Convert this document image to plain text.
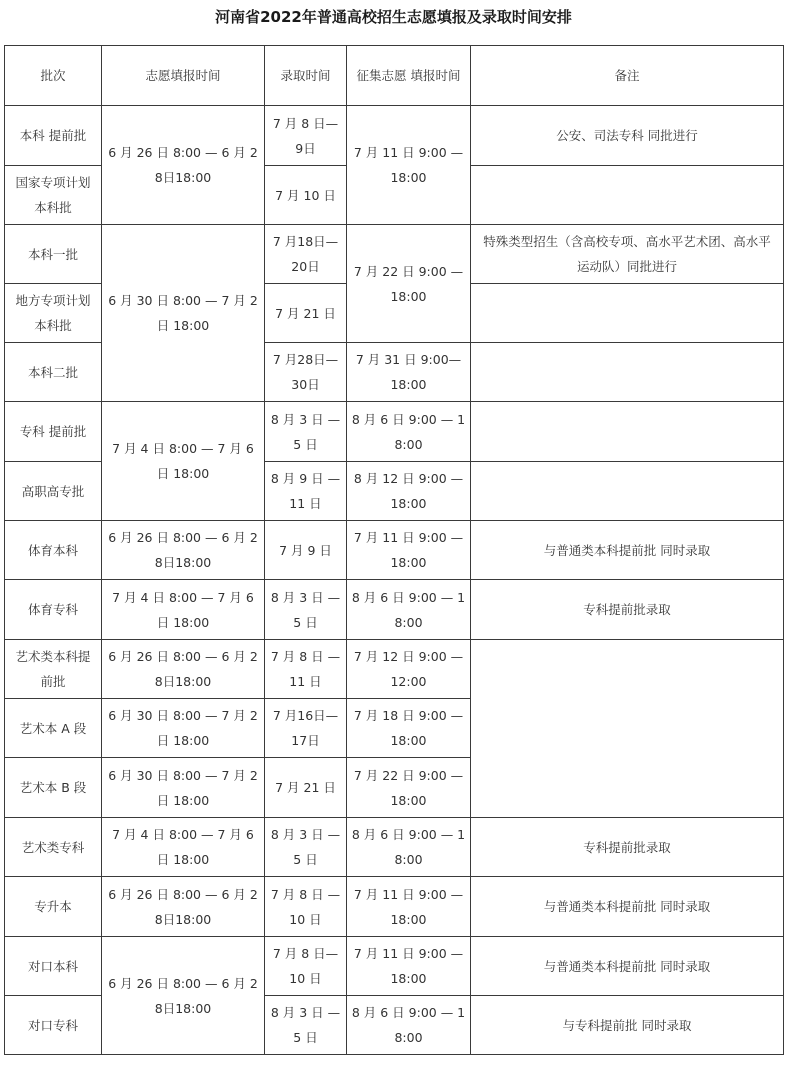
河南省2022年普通高校招生志愿填报及录取时间安排
批次	志愿填报时间	录取时间	征集志愿 填报时间	备注
本科 提前批	6 月 26 日 8:00 — 6 月 28日18:00	7 月 8 日— 9日	7 月 11 日 9:00 — 18:00	公安、司法专科 同批进行
国家专项计划 本科批		7 月 10 日		
本科一批	6 月 30 日 8:00 — 7 月 2 日 18:00	7 月18日— 20日	7 月 22 日 9:00 — 18:00	特殊类型招生（含高校专项、高水平艺术团、高水平运动队）同批进行
地方专项计划 本科批		7 月 21 日		
本科二批		7 月28日— 30日	7 月 31 日 9:00— 18:00	
专科 提前批	7 月 4 日 8:00 — 7 月 6 日 18:00	8 月 3 日 — 5 日	8 月 6 日 9:00 — 18:00	
高职高专批		8 月 9 日 — 11 日	8 月 12 日 9:00 — 18:00	
体育本科	6 月 26 日 8:00 — 6 月 28日18:00	7 月 9 日	7 月 11 日 9:00 — 18:00	与普通类本科提前批 同时录取
体育专科	7 月 4 日 8:00 — 7 月 6 日 18:00	8 月 3 日 — 5 日	8 月 6 日 9:00 — 18:00	专科提前批录取
艺术类本科提 前批	6 月 26 日 8:00 — 6 月 28日18:00	7 月 8 日 — 11 日	7 月 12 日 9:00 — 12:00	
艺术本 A 段	6 月 30 日 8:00 — 7 月 2 日 18:00	7 月16日— 17日	7 月 18 日 9:00 — 18:00	
艺术本 B 段	6 月 30 日 8:00 — 7 月 2 日 18:00	7 月 21 日	7 月 22 日 9:00 — 18:00	
艺术类专科	7 月 4 日 8:00 — 7 月 6 日 18:00	8 月 3 日 — 5 日	8 月 6 日 9:00 — 18:00	专科提前批录取
专升本	6 月 26 日 8:00 — 6 月 28日18:00	7 月 8 日 — 10 日	7 月 11 日 9:00 — 18:00	与普通类本科提前批 同时录取
对口本科	6 月 26 日 8:00 — 6 月 28日18:00	7 月 8 日— 10 日	7 月 11 日 9:00 — 18:00	与普通类本科提前批 同时录取
对口专科		8 月 3 日 — 5 日	8 月 6 日 9:00 — 18:00	与专科提前批 同时录取
